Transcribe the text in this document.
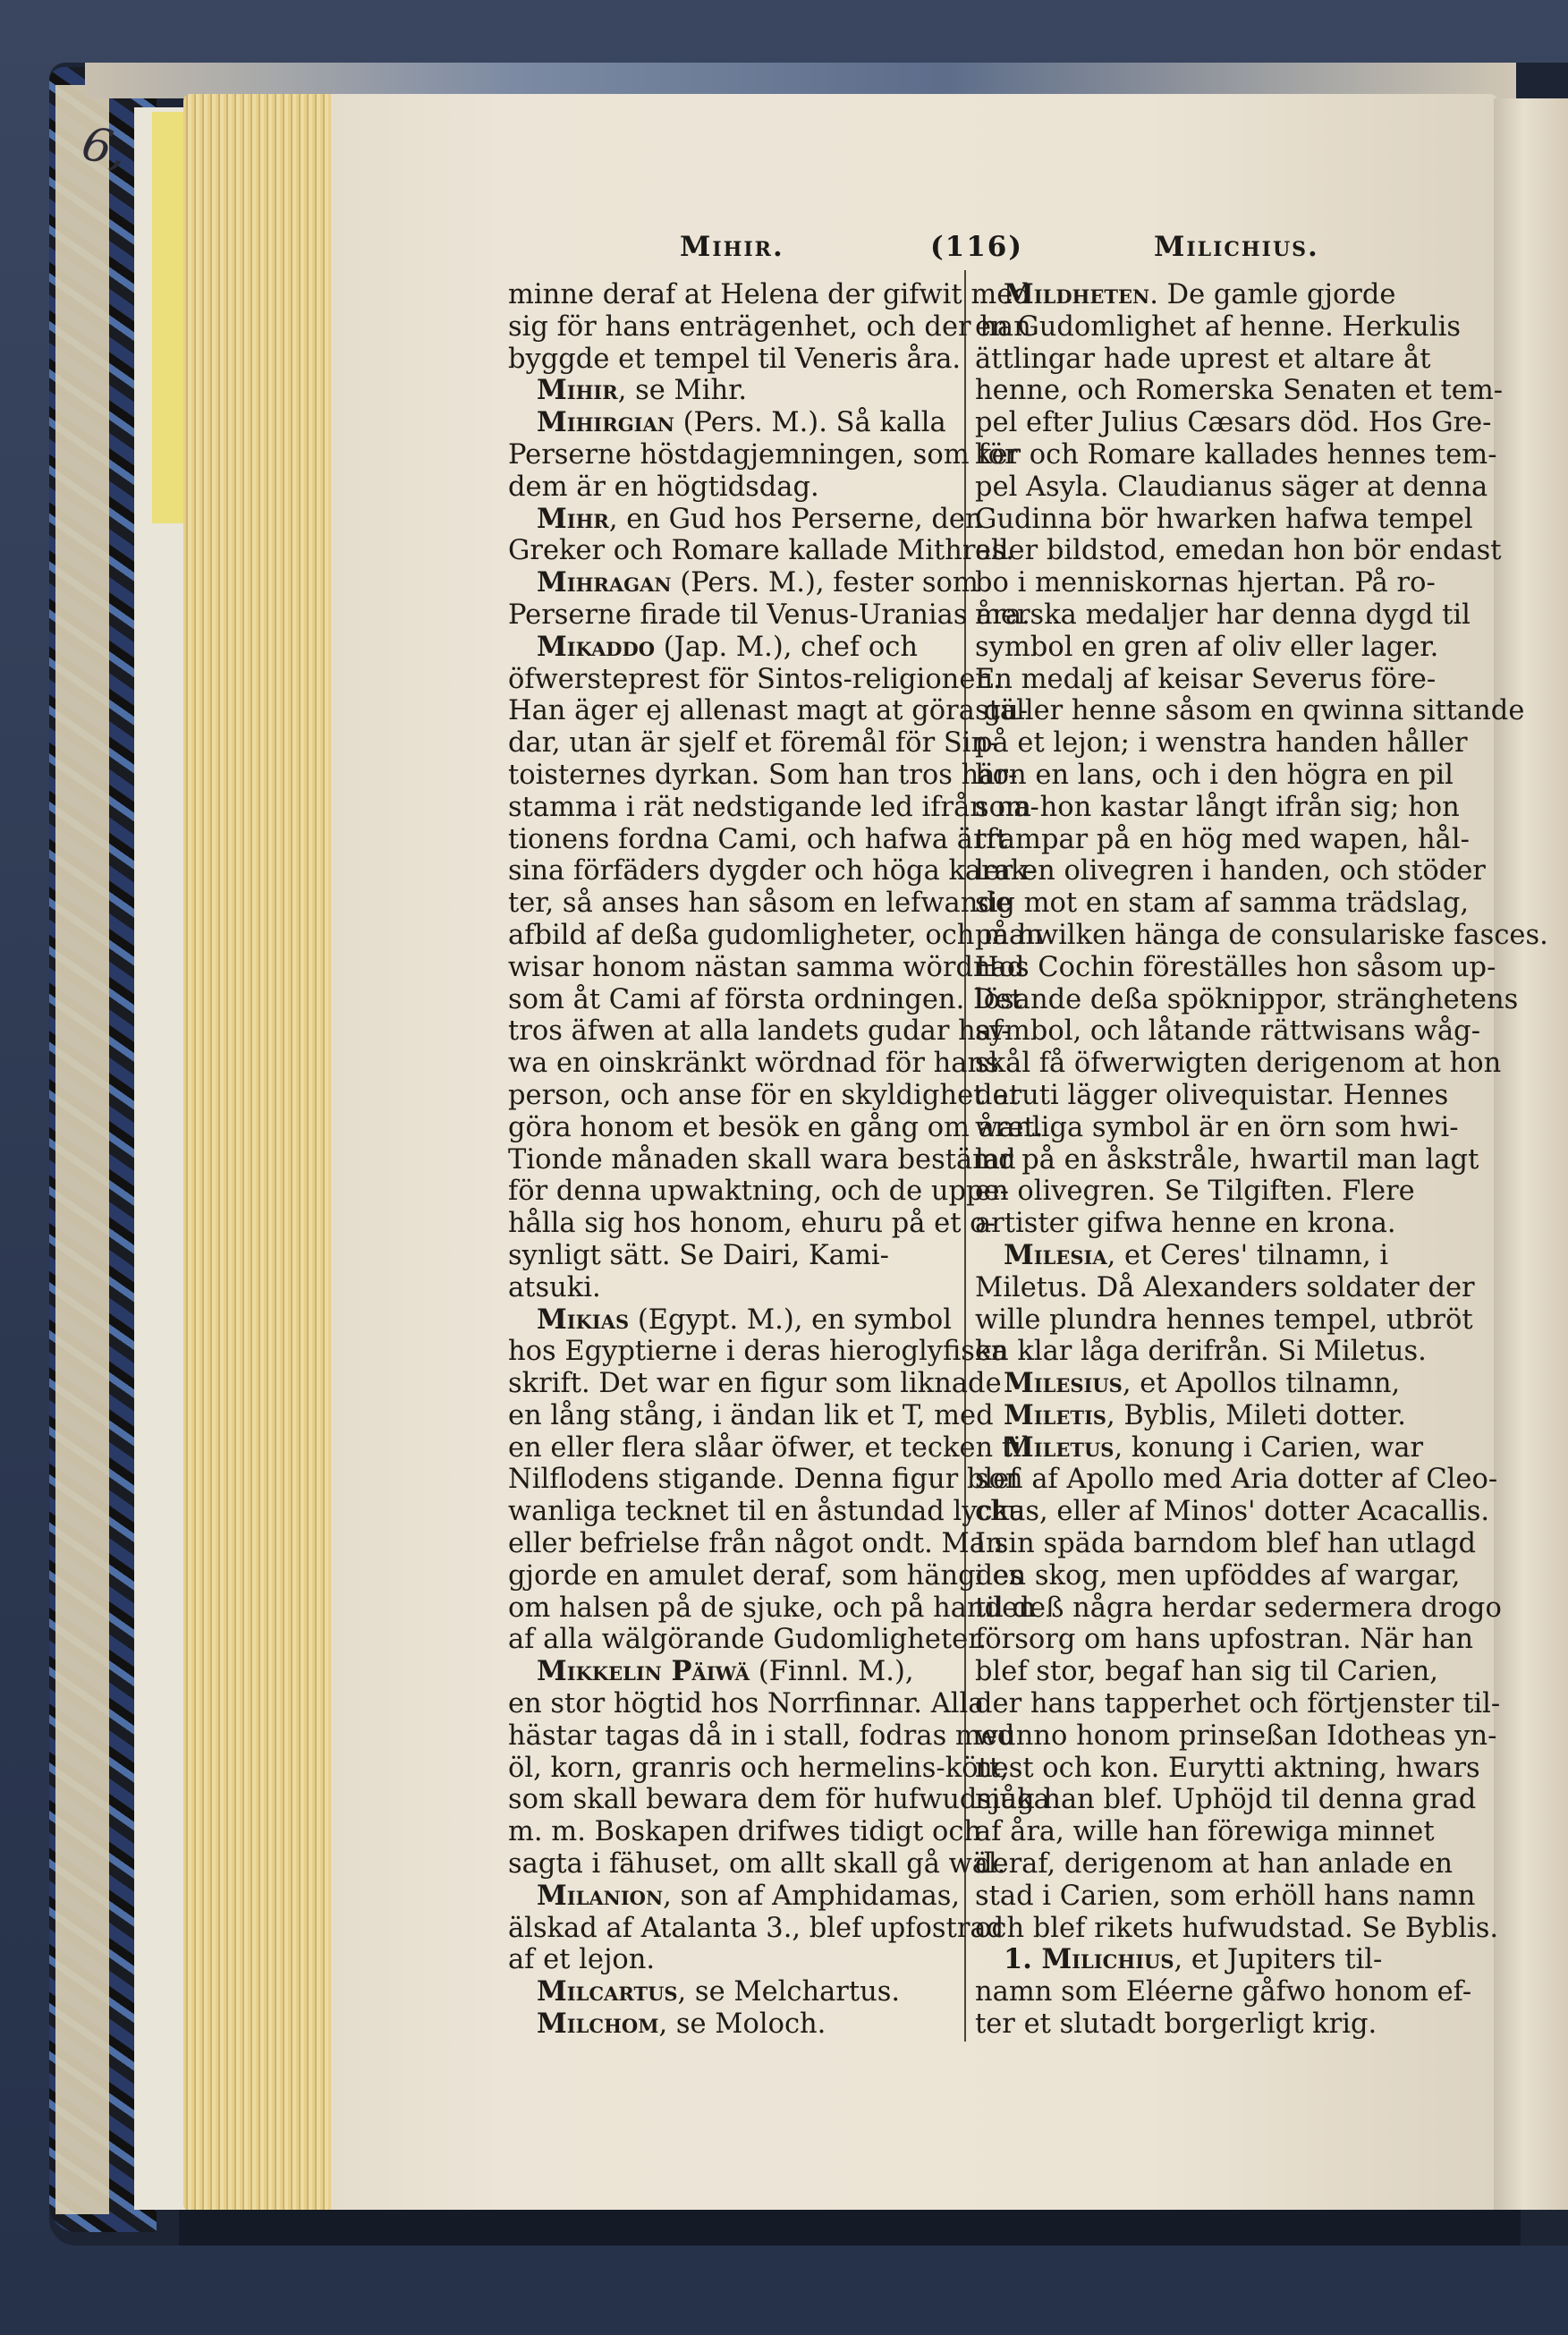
6,
Mihir.	(116)	Milichius.
minne deraf at Helena der gifwit med
sig för hans enträgenhet, och der han
byggde et tempel til Veneris åra.
Mihir, se Mihr.
Mihirgian (Pers. M.). Så kalla
Perserne höstdagjemningen, som för
dem är en högtidsdag.
Mihr, en Gud hos Perserne, den
Greker och Romare kallade Mithras.
Mihragan (Pers. M.), fester som
Perserne firade til Venus-Uranias åra.
Mikaddo (Jap. M.), chef och
öfwersteprest för Sintos-religionen.
Han äger ej allenast magt at göra gu-
dar, utan är sjelf et föremål för Sin-
toisternes dyrkan. Som han tros här-
stamma i rät nedstigande led ifrån na-
tionens fordna Cami, och hafwa ärft
sina förfäders dygder och höga karak-
ter, så anses han såsom en lefwande
afbild af deßa gudomligheter, och man
wisar honom nästan samma wördnad
som åt Cami af första ordningen. Det
tros äfwen at alla landets gudar haf-
wa en oinskränkt wördnad för hans
person, och anse för en skyldighet at
göra honom et besök en gång om året.
Tionde månaden skall wara bestämd
för denna upwaktning, och de uppe-
hålla sig hos honom, ehuru på et o-
synligt sätt. Se Dairi, Kami-
atsuki.
Mikias (Egypt. M.), en symbol
hos Egyptierne i deras hieroglyfiska
skrift. Det war en figur som liknade
en lång stång, i ändan lik et T, med
en eller flera slåar öfwer, et tecken til
Nilflodens stigande. Denna figur blef
wanliga tecknet til en åstundad lycka
eller befrielse från något ondt. Man
gjorde en amulet deraf, som hängdes
om halsen på de sjuke, och på handen
af alla wälgörande Gudomligheter.
Mikkelin Päiwä (Finnl. M.),
en stor högtid hos Norrfinnar. Alla
hästar tagas då in i stall, fodras med
öl, korn, granris och hermelins-kött,
som skall bewara dem för hufwudsjuka
m. m. Boskapen drifwes tidigt och
sagta i fähuset, om allt skall gå wäl.
Milanion, son af Amphidamas,
älskad af Atalanta 3., blef upfostrad
af et lejon.
Milcartus, se Melchartus.
Milchom, se Moloch.
Mildheten. De gamle gjorde
en Gudomlighet af henne. Herkulis
ättlingar hade uprest et altare åt
henne, och Romerska Senaten et tem-
pel efter Julius Cæsars död. Hos Gre-
ker och Romare kallades hennes tem-
pel Asyla. Claudianus säger at denna
Gudinna bör hwarken hafwa tempel
eller bildstod, emedan hon bör endast
bo i menniskornas hjertan. På ro-
merska medaljer har denna dygd til
symbol en gren af oliv eller lager.
En medalj af keisar Severus före-
ställer henne såsom en qwinna sittande
på et lejon; i wenstra handen håller
hon en lans, och i den högra en pil
som hon kastar långt ifrån sig; hon
trampar på en hög med wapen, hål-
ler en olivegren i handen, och stöder
sig mot en stam af samma trädslag,
på hwilken hänga de consulariske fasces.
Hos Cochin föreställes hon såsom up-
lösande deßa spöknippor, stränghetens
symbol, och låtande rättwisans wåg-
skål få öfwerwigten derigenom at hon
deruti lägger olivequistar. Hennes
wanliga symbol är en örn som hwi-
lar på en åskstråle, hwartil man lagt
en olivegren. Se Tilgiften. Flere
artister gifwa henne en krona.
Milesia, et Ceres' tilnamn, i
Miletus. Då Alexanders soldater der
wille plundra hennes tempel, utbröt
en klar låga derifrån. Si Miletus.
Milesius, et Apollos tilnamn,
Miletis, Byblis, Mileti dotter.
Miletus, konung i Carien, war
son af Apollo med Aria dotter af Cleo-
chus, eller af Minos' dotter Acacallis.
I sin späda barndom blef han utlagd
i en skog, men upföddes af wargar,
til deß några herdar sedermera drogo
försorg om hans upfostran. När han
blef stor, begaf han sig til Carien,
der hans tapperhet och förtjenster til-
wunno honom prinseßan Idotheas yn-
nest och kon. Eurytti aktning, hwars
måg han blef. Uphöjd til denna grad
af åra, wille han förewiga minnet
deraf, derigenom at han anlade en
stad i Carien, som erhöll hans namn
och blef rikets hufwudstad. Se Byblis.
1. Milichius, et Jupiters til-
namn som Eléerne gåfwo honom ef-
ter et slutadt borgerligt krig.
